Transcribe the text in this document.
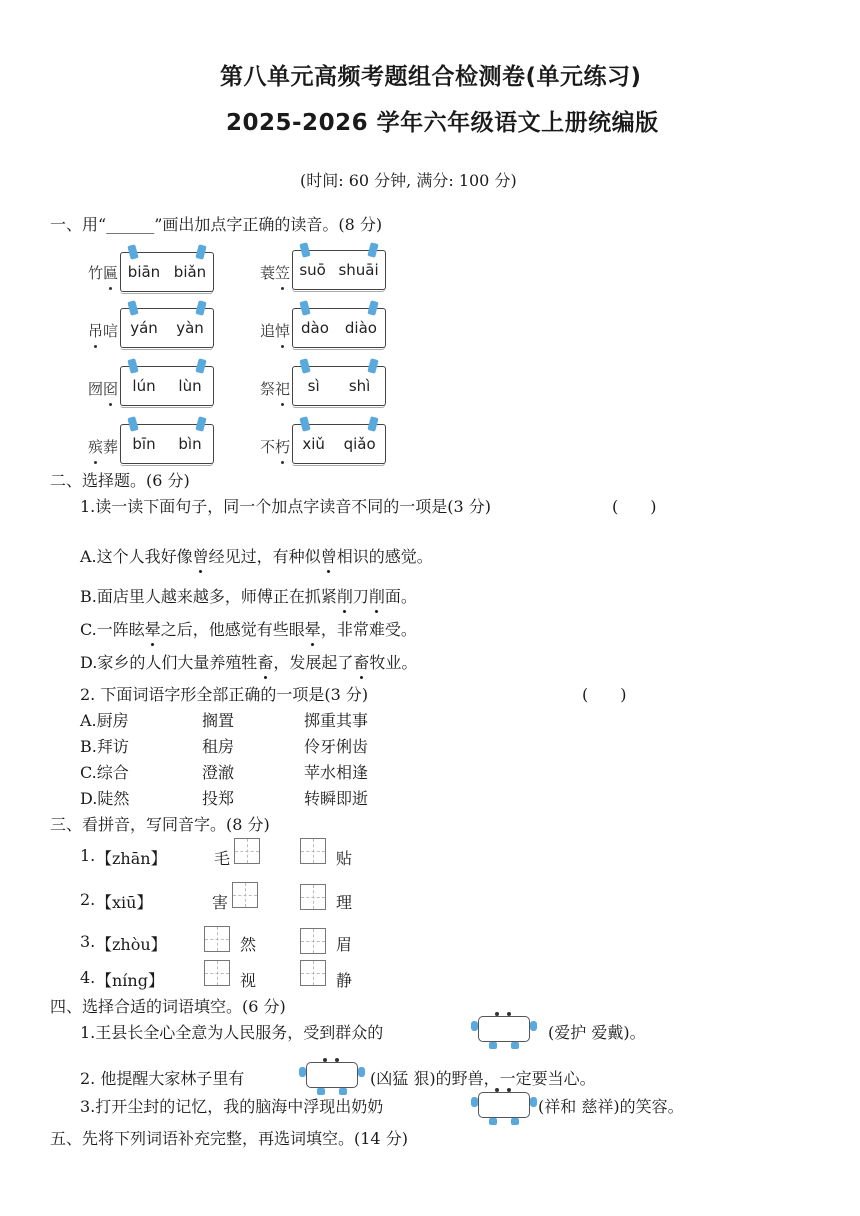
第八单元高频考题组合检测卷(单元练习)
2025-2026 学年六年级语文上册统编版
(时间: 60 分钟, 满分: 100 分)
一、用“______”画出加点字正确的读音。(8 分)
竹匾 biān biǎn
吊唁 yán yàn
囫囵 lún lùn
殡葬 bīn bìn
蓑笠 suō shuāi
追悼 dào diào
祭祀 sì shì
不朽 xiǔ qiǎo
二、选择题。(6 分)
1.读一读下面句子，同一个加点字读音不同的一项是(3 分)	(　　)
A.这个人我好像曾经见过，有种似曾相识的感觉。
B.面店里人越来越多，师傅正在抓紧削刀削面。
C.一阵眩晕之后，他感觉有些眼晕，非常难受。
D.家乡的人们大量养殖牲畜，发展起了畜牧业。
2. 下面词语字形全部正确的一项是(3 分)	(　　)
A.厨房	搁置	掷重其事
B.拜访	租房	伶牙俐齿
C.综合	澄澈	苹水相逢
D.陡然	投郑	转瞬即逝
三、看拼音，写同音字。(8 分)
1. 【zhān】	毛	贴
2. 【xiū】	害	理
3. 【zhòu】	然	眉
4. 【níng】	视	静
四、选择合适的词语填空。(6 分)
1.王县长全心全意为人民服务，受到群众的	(爱护 爱戴)。
2. 他提醒大家林子里有	(凶猛 狠)的野兽，一定要当心。
3.打开尘封的记忆，我的脑海中浮现出奶奶	(祥和 慈祥)的笑容。
五、先将下列词语补充完整，再选词填空。(14 分)
